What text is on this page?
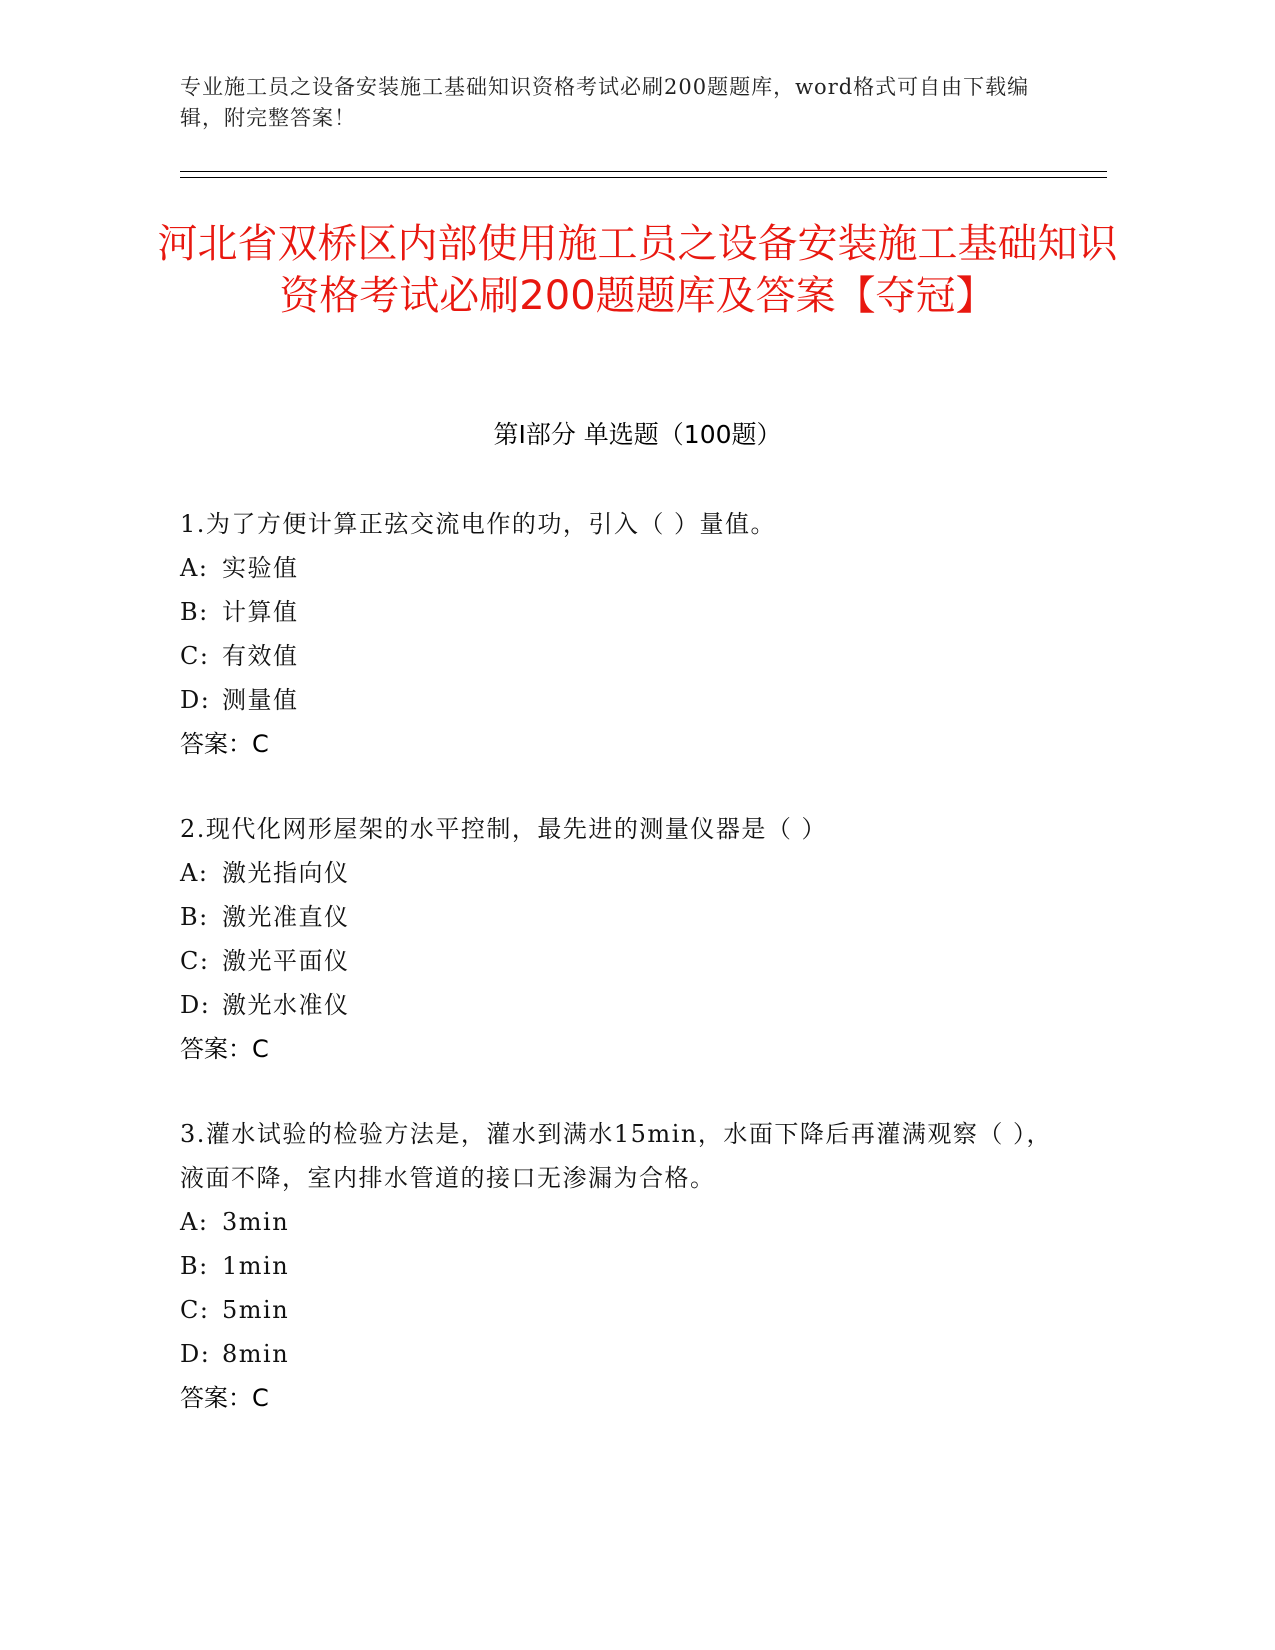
专业施工员之设备安装施工基础知识资格考试必刷200题题库，word格式可自由下载编辑，附完整答案！
河北省双桥区内部使用施工员之设备安装施工基础知识资格考试必刷200题题库及答案【夺冠】
第Ⅰ部分 单选题（100题）

1.为了方便计算正弦交流电作的功，引入（ ）量值。

A: 实验值

B: 计算值

C: 有效值

D: 测量值

答案：C

2.现代化网形屋架的水平控制，最先进的测量仪器是（ ）

A: 激光指向仪

B: 激光准直仪

C: 激光平面仪

D: 激光水准仪

答案：C

3.灌水试验的检验方法是，灌水到满水15min，水面下降后再灌满观察（ ），液面不降，室内排水管道的接口无渗漏为合格。

A: 3min

B: 1min

C: 5min

D: 8min

答案：C
